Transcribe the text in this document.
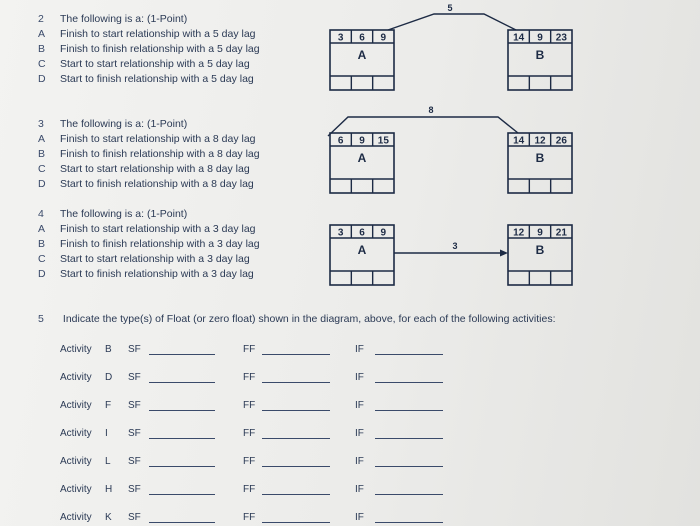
2 The following is a: (1-Point)
A Finish to start relationship with a 5 day lag
B Finish to finish relationship with a 5 day lag
C Start to start relationship with a 5 day lag
D Start to finish relationship with a 5 day lag
3 The following is a: (1-Point)
A Finish to start relationship with a 8 day lag
B Finish to finish relationship with a 8 day lag
C Start to start relationship with a 8 day lag
D Start to finish relationship with a 8 day lag
4 The following is a: (1-Point)
A Finish to start relationship with a 3 day lag
B Finish to finish relationship with a 3 day lag
C Start to start relationship with a 3 day lag
D Start to finish relationship with a 3 day lag
3 6 9
A
14 9 23
B
5
6 9 15
A
14 12 26
B
8
3 6 9
A
12 9 21
B
3
5 Indicate the type(s) of Float (or zero float) shown in the diagram, above, for each of the following activities:
Activity B SF	FF	IF
Activity D SF	FF	IF
Activity F SF	FF	IF
Activity I SF	FF	IF
Activity L SF	FF	IF
Activity H SF	FF	IF
Activity K SF	FF	IF
